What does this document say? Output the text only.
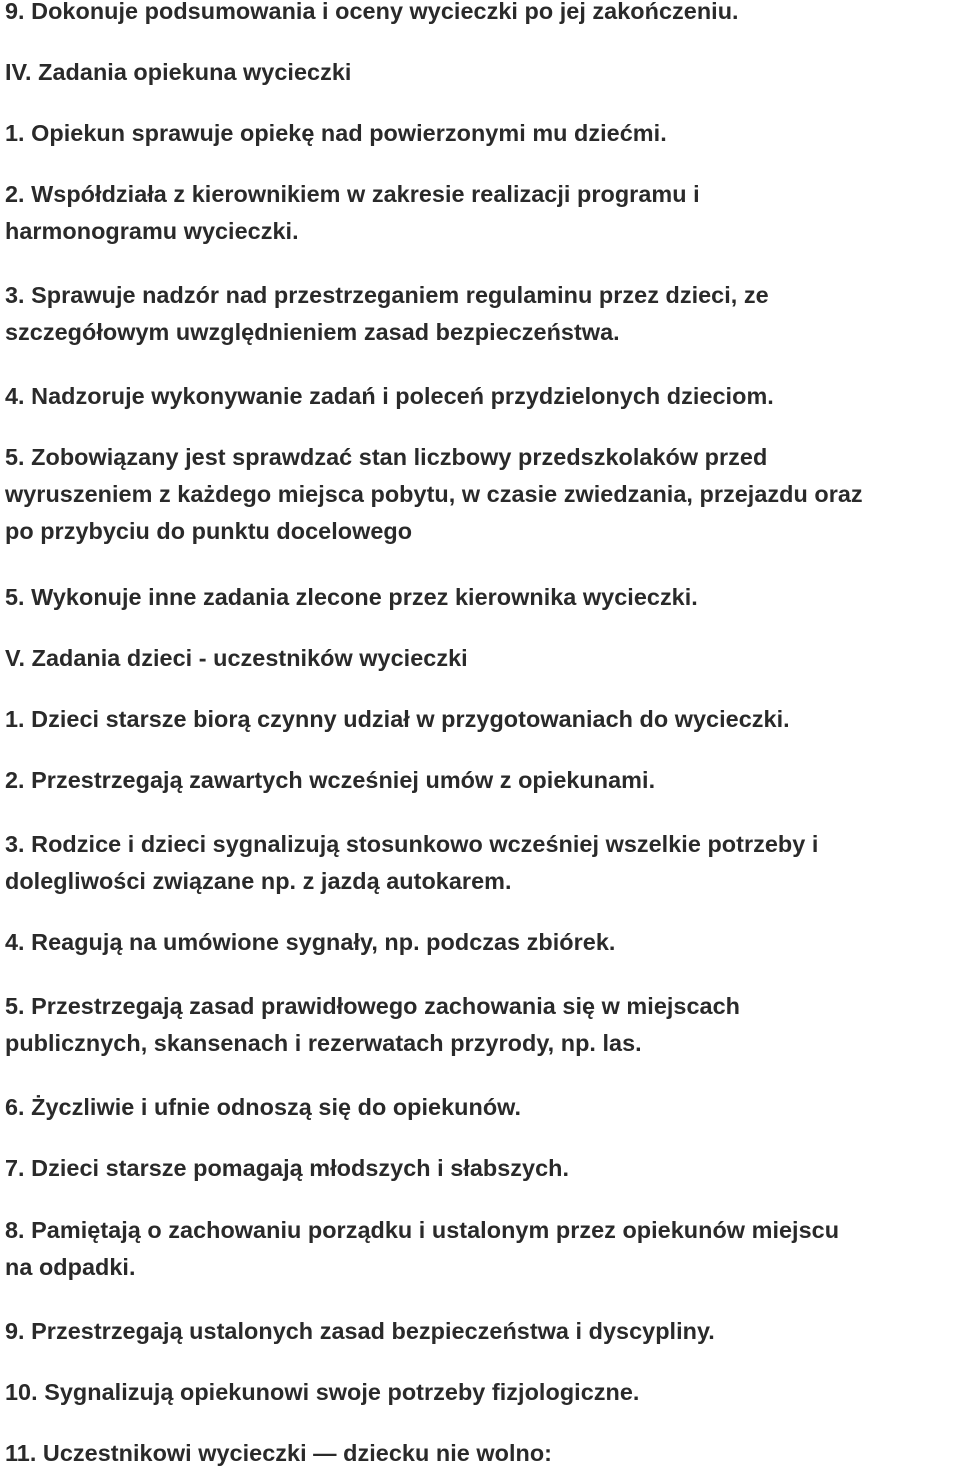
9. Dokonuje podsumowania i oceny wycieczki po jej zakończeniu.
IV. Zadania opiekuna wycieczki
1. Opiekun sprawuje opiekę nad powierzonymi mu dziećmi.
2. Współdziała z kierownikiem w zakresie realizacji programu i
harmonogramu wycieczki.
3. Sprawuje nadzór nad przestrzeganiem regulaminu przez dzieci, ze
szczegółowym uwzględnieniem zasad bezpieczeństwa.
4. Nadzoruje wykonywanie zadań i poleceń przydzielonych dzieciom.
5. Zobowiązany jest sprawdzać stan liczbowy przedszkolaków przed
wyruszeniem z każdego miejsca pobytu, w czasie zwiedzania, przejazdu oraz
po przybyciu do punktu docelowego
5. Wykonuje inne zadania zlecone przez kierownika wycieczki.
V. Zadania dzieci - uczestników wycieczki
1. Dzieci starsze biorą czynny udział w przygotowaniach do wycieczki.
2. Przestrzegają zawartych wcześniej umów z opiekunami.
3. Rodzice i dzieci sygnalizują stosunkowo wcześniej wszelkie potrzeby i
dolegliwości związane np. z jazdą autokarem.
4. Reagują na umówione sygnały, np. podczas zbiórek.
5. Przestrzegają zasad prawidłowego zachowania się w miejscach
publicznych, skansenach i rezerwatach przyrody, np. las.
6. Życzliwie i ufnie odnoszą się do opiekunów.
7. Dzieci starsze pomagają młodszych i słabszych.
8. Pamiętają o zachowaniu porządku i ustalonym przez opiekunów miejscu
na odpadki.
9. Przestrzegają ustalonych zasad bezpieczeństwa i dyscypliny.
10. Sygnalizują opiekunowi swoje potrzeby fizjologiczne.
11. Uczestnikowi wycieczki — dziecku nie wolno:
